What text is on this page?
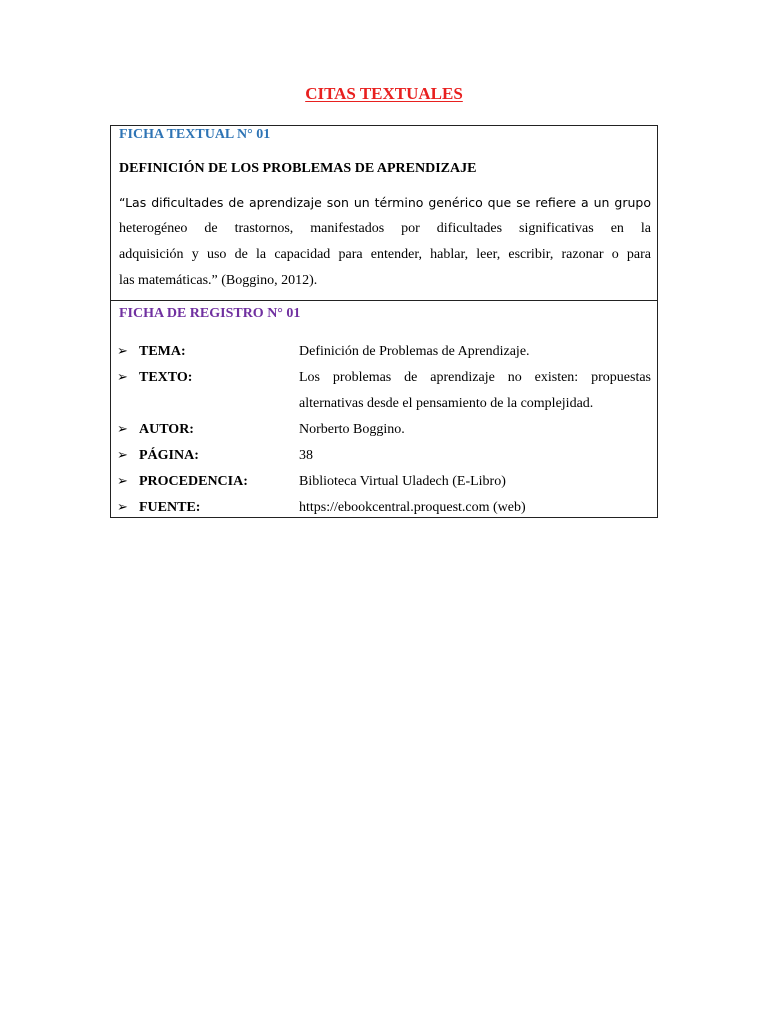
CITAS TEXTUALES
FICHA TEXTUAL N° 01
DEFINICIÓN DE LOS PROBLEMAS DE APRENDIZAJE
“Las dificultades de aprendizaje son un término genérico que se refiere a un grupo
heterogéneo de trastornos, manifestados por dificultades significativas en la
adquisición y uso de la capacidad para entender, hablar, leer, escribir, razonar o para
las matemáticas.” (Boggino, 2012).
FICHA DE REGISTRO N° 01
➢ TEMA:	Definición de Problemas de Aprendizaje.
➢ TEXTO:	Los problemas de aprendizaje no existen: propuestas
alternativas desde el pensamiento de la complejidad.
➢ AUTOR:	Norberto Boggino.
➢ PÁGINA:	38
➢ PROCEDENCIA:	Biblioteca Virtual Uladech (E-Libro)
➢ FUENTE:	https://ebookcentral.proquest.com (web)
